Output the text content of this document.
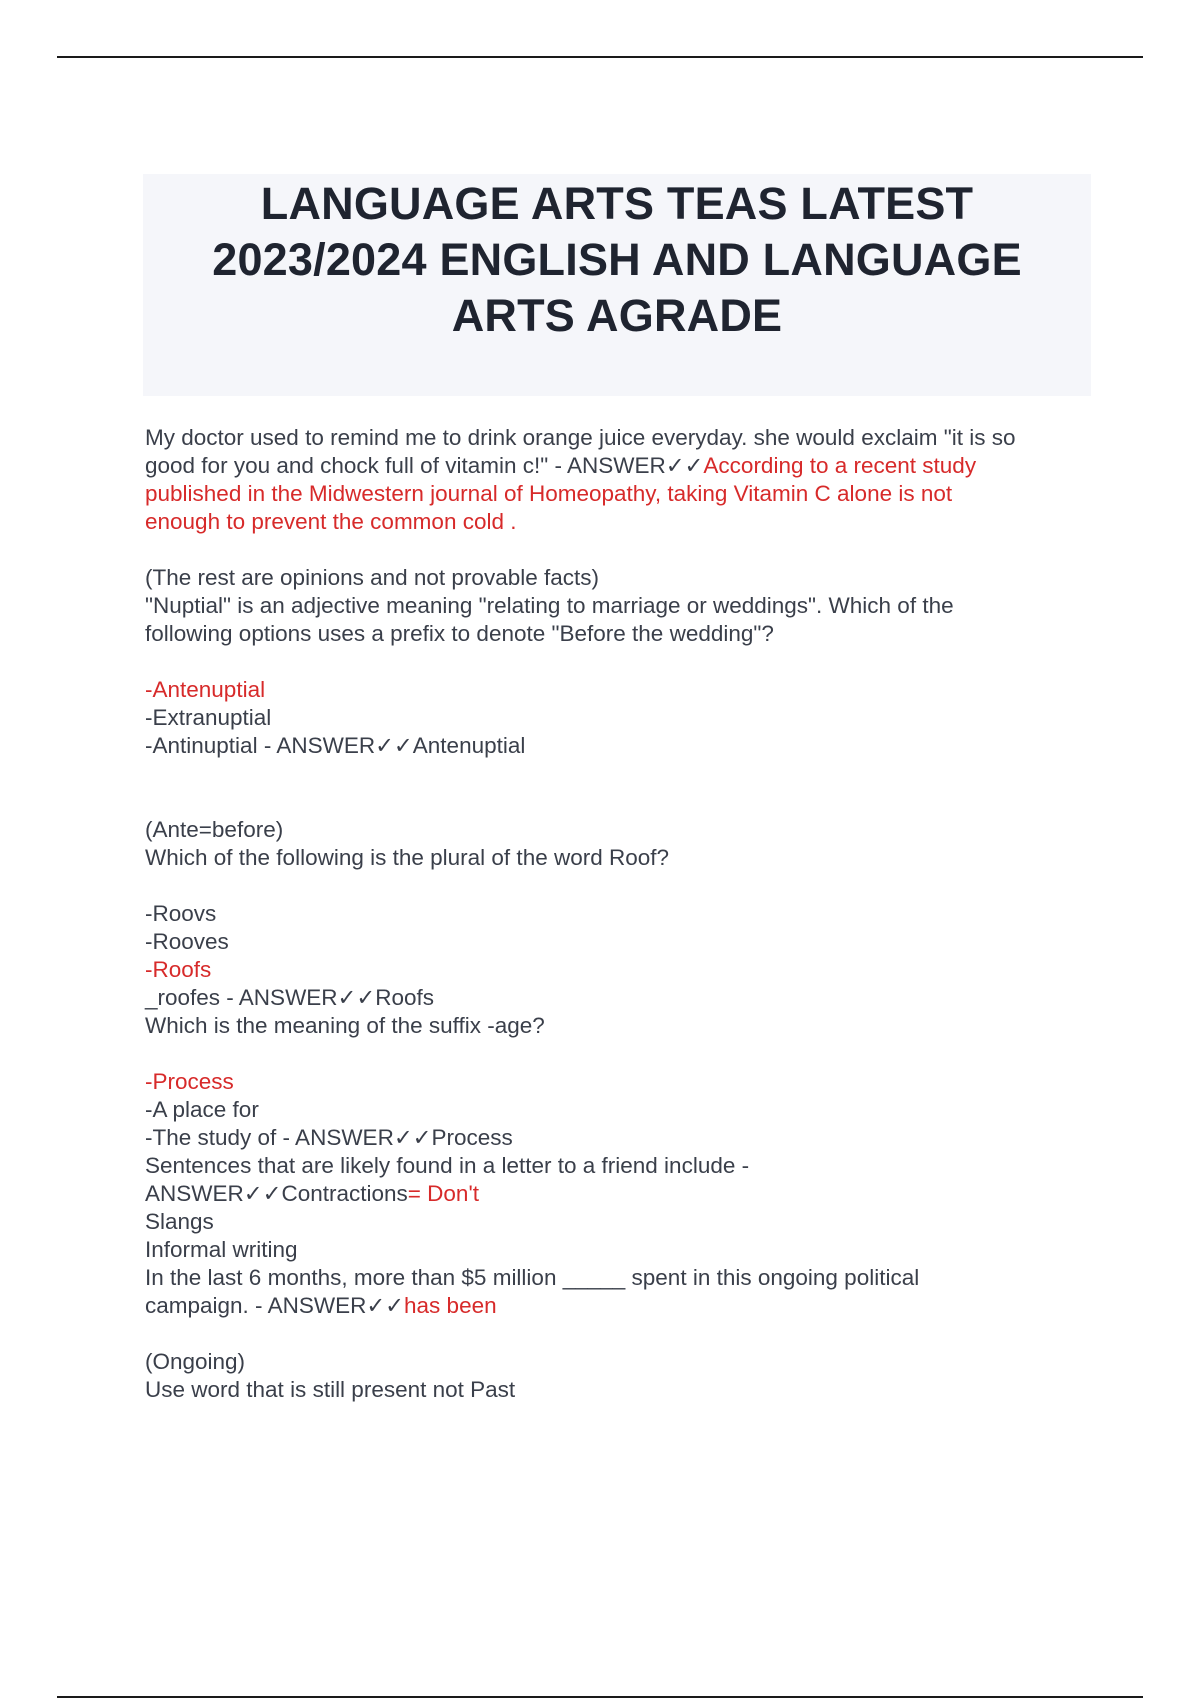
LANGUAGE ARTS TEAS LATEST
2023/2024 ENGLISH AND LANGUAGE
ARTS AGRADE
My doctor used to remind me to drink orange juice everyday. she would exclaim "it is so
good for you and chock full of vitamin c!" - ANSWER✓✓According to a recent study
published in the Midwestern journal of Homeopathy, taking Vitamin C alone is not
enough to prevent the common cold .
(The rest are opinions and not provable facts)
"Nuptial" is an adjective meaning "relating to marriage or weddings". Which of the
following options uses a prefix to denote "Before the wedding"?
-Antenuptial
-Extranuptial
-Antinuptial - ANSWER✓✓Antenuptial
(Ante=before)
Which of the following is the plural of the word Roof?
-Roovs
-Rooves
-Roofs
_roofes - ANSWER✓✓Roofs
Which is the meaning of the suffix -age?
-Process
-A place for
-The study of - ANSWER✓✓Process
Sentences that are likely found in a letter to a friend include -
ANSWER✓✓Contractions= Don't
Slangs
Informal writing
In the last 6 months, more than $5 million _____ spent in this ongoing political
campaign. - ANSWER✓✓has been
(Ongoing)
Use word that is still present not Past
